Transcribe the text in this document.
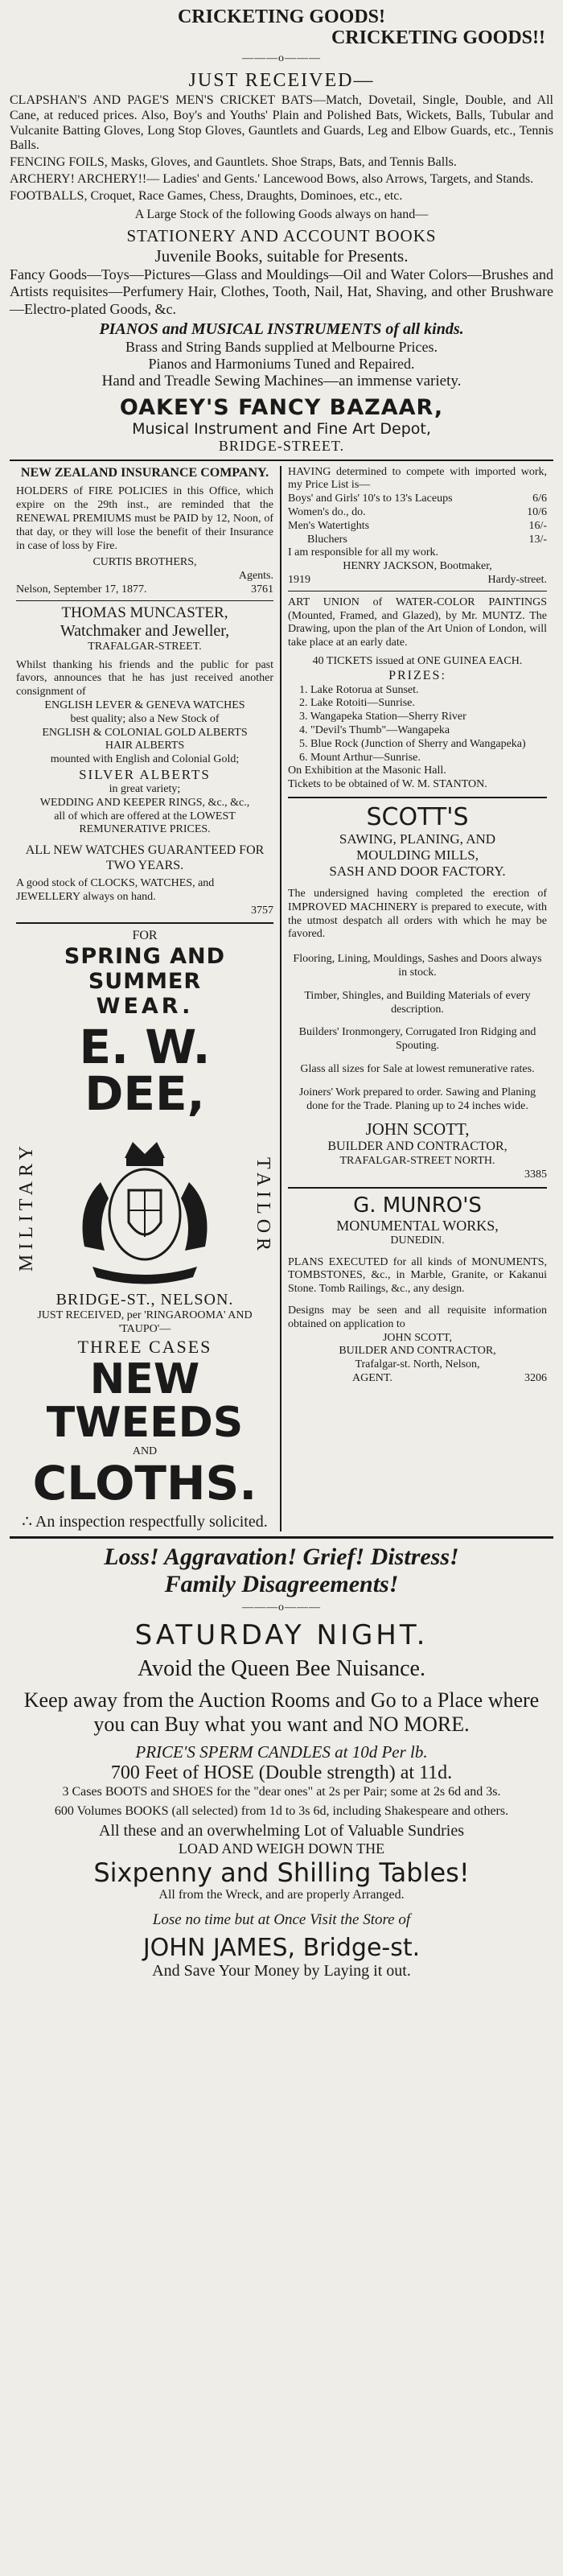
CRICKETING GOODS!
CRICKETING GOODS!!
———o———
JUST RECEIVED—
CLAPSHAN'S AND PAGE'S MEN'S CRICKET BATS—Match, Dovetail, Single, Double, and All Cane, at reduced prices. Also, Boy's and Youths' Plain and Polished Bats, Wickets, Balls, Tubular and Vulcanite Batting Gloves, Long Stop Gloves, Gauntlets and Guards, Leg and Elbow Guards, etc., Tennis Balls.
FENCING FOILS, Masks, Gloves, and Gauntlets. Shoe Straps, Bats, and Tennis Balls.
ARCHERY! ARCHERY!!— Ladies' and Gents.' Lancewood Bows, also Arrows, Targets, and Stands.
FOOTBALLS, Croquet, Race Games, Chess, Draughts, Dominoes, etc., etc.
A Large Stock of the following Goods always on hand—
STATIONERY AND ACCOUNT BOOKS
Juvenile Books, suitable for Presents.
Fancy Goods—Toys—Pictures—Glass and Mouldings—Oil and Water Colors—Brushes and Artists requisites—Perfumery Hair, Clothes, Tooth, Nail, Hat, Shaving, and other Brushware—Electro-plated Goods, &c.
PIANOS and MUSICAL INSTRUMENTS of all kinds.
Brass and String Bands supplied at Melbourne Prices.
Pianos and Harmoniums Tuned and Repaired.
Hand and Treadle Sewing Machines—an immense variety.
OAKEY'S FANCY BAZAAR,
Musical Instrument and Fine Art Depot,
BRIDGE-STREET.
NEW ZEALAND INSURANCE COMPANY.
HOLDERS of FIRE POLICIES in this Office, which expire on the 29th inst., are reminded that the RENEWAL PREMIUMS must be PAID by 12, Noon, of that day, or they will lose the benefit of their Insurance in case of loss by Fire.
CURTIS BROTHERS,
Agents.
Nelson, September 17, 1877.	3761
THOMAS MUNCASTER,
Watchmaker and Jeweller,
TRAFALGAR-STREET.
Whilst thanking his friends and the public for past favors, announces that he has just received another consignment of
ENGLISH LEVER & GENEVA WATCHES
best quality; also a New Stock of
ENGLISH & COLONIAL GOLD ALBERTS
HAIR ALBERTS
mounted with English and Colonial Gold;
SILVER ALBERTS
in great variety;
WEDDING AND KEEPER RINGS, &c., &c.,
all of which are offered at the LOWEST REMUNERATIVE PRICES.
ALL NEW WATCHES GUARANTEED FOR TWO YEARS.
A good stock of CLOCKS, WATCHES, and JEWELLERY always on hand.
3757
FOR
SPRING AND SUMMER
WEAR.
E. W. DEE,
MILITARY	TAILOR
BRIDGE-ST., NELSON.
JUST RECEIVED, per 'RINGAROOMA' AND 'TAUPO'—
THREE CASES
NEW TWEEDS
AND
CLOTHS.
∴ An inspection respectfully solicited.
HAVING determined to compete with imported work, my Price List is—
Boys' and Girls' 10's to 13's Laceups	6/6
Women's do., do.	10/6
Men's Watertights	16/-
Bluchers	13/-
I am responsible for all my work.
HENRY JACKSON, Bootmaker,
1919	Hardy-street.
ART UNION of WATER-COLOR PAINTINGS (Mounted, Framed, and Glazed), by Mr. MUNTZ. The Drawing, upon the plan of the Art Union of London, will take place at an early date.
40 TICKETS issued at ONE GUINEA EACH.
PRIZES:
1. Lake Rotorua at Sunset.
2. Lake Rotoiti—Sunrise.
3. Wangapeka Station—Sherry River
4. "Devil's Thumb"—Wangapeka
5. Blue Rock (Junction of Sherry and Wangapeka)
6. Mount Arthur—Sunrise.
On Exhibition at the Masonic Hall.
Tickets to be obtained of W. M. STANTON.
SCOTT'S
SAWING, PLANING, AND
MOULDING MILLS,
SASH AND DOOR FACTORY.
The undersigned having completed the erection of IMPROVED MACHINERY is prepared to execute, with the utmost despatch all orders with which he may be favored.
Flooring, Lining, Mouldings, Sashes and Doors always in stock.
Timber, Shingles, and Building Materials of every description.
Builders' Ironmongery, Corrugated Iron Ridging and Spouting.
Glass all sizes for Sale at lowest remunerative rates.
Joiners' Work prepared to order. Sawing and Planing done for the Trade. Planing up to 24 inches wide.
JOHN SCOTT,
BUILDER AND CONTRACTOR,
TRAFALGAR-STREET NORTH.
3385
G. MUNRO'S
MONUMENTAL WORKS,
DUNEDIN.
PLANS EXECUTED for all kinds of MONUMENTS, TOMBSTONES, &c., in Marble, Granite, or Kakanui Stone. Tomb Railings, &c., any design.
Designs may be seen and all requisite information obtained on application to
JOHN SCOTT,
BUILDER AND CONTRACTOR,
Trafalgar-st. North, Nelson,
AGENT.	3206
Loss! Aggravation! Grief! Distress!
Family Disagreements!
———o———
SATURDAY NIGHT.
Avoid the Queen Bee Nuisance.
Keep away from the Auction Rooms and Go to a Place where you can Buy what you want and NO MORE.
PRICE'S SPERM CANDLES at 10d Per lb.
700 Feet of HOSE (Double strength) at 11d.
3 Cases BOOTS and SHOES for the "dear ones" at 2s per Pair; some at 2s 6d and 3s.
600 Volumes BOOKS (all selected) from 1d to 3s 6d, including Shakespeare and others.
All these and an overwhelming Lot of Valuable Sundries
LOAD AND WEIGH DOWN THE
Sixpenny and Shilling Tables!
All from the Wreck, and are properly Arranged.
Lose no time but at Once Visit the Store of
JOHN JAMES, Bridge-st.
And Save Your Money by Laying it out.
